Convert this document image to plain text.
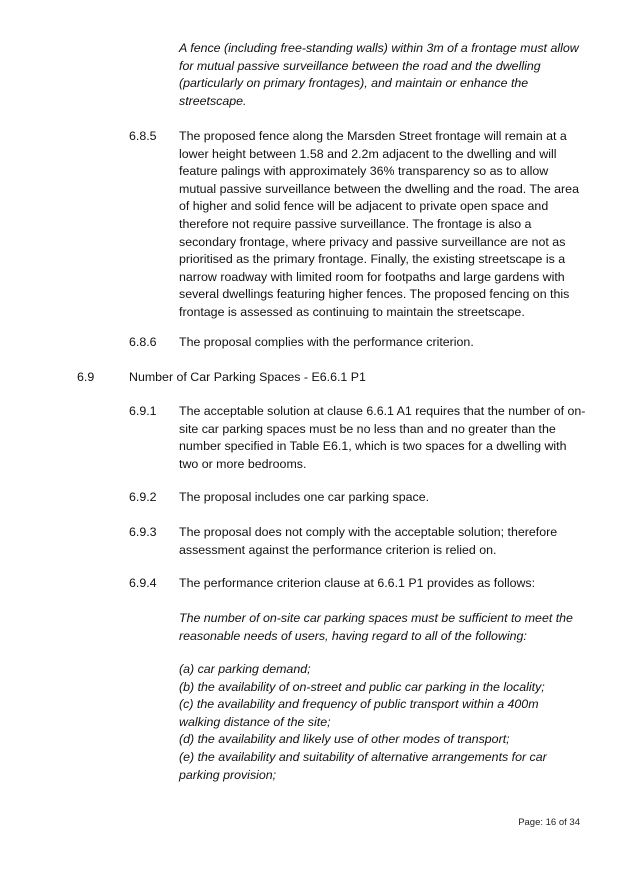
A fence (including free-standing walls) within 3m of a frontage must allow
for mutual passive surveillance between the road and the dwelling
(particularly on primary frontages), and maintain or enhance the
streetscape.
6.8.5 The proposed fence along the Marsden Street frontage will remain at a
lower height between 1.58 and 2.2m adjacent to the dwelling and will
feature palings with approximately 36% transparency so as to allow
mutual passive surveillance between the dwelling and the road. The area
of higher and solid fence will be adjacent to private open space and
therefore not require passive surveillance. The frontage is also a
secondary frontage, where privacy and passive surveillance are not as
prioritised as the primary frontage. Finally, the existing streetscape is a
narrow roadway with limited room for footpaths and large gardens with
several dwellings featuring higher fences. The proposed fencing on this
frontage is assessed as continuing to maintain the streetscape.
6.8.6 The proposal complies with the performance criterion.
6.9	Number of Car Parking Spaces - E6.6.1 P1
6.9.1 The acceptable solution at clause 6.6.1 A1 requires that the number of on-
site car parking spaces must be no less than and no greater than the
number specified in Table E6.1, which is two spaces for a dwelling with
two or more bedrooms.
6.9.2 The proposal includes one car parking space.
6.9.3 The proposal does not comply with the acceptable solution; therefore
assessment against the performance criterion is relied on.
6.9.4 The performance criterion clause at 6.6.1 P1 provides as follows:
The number of on-site car parking spaces must be sufficient to meet the
reasonable needs of users, having regard to all of the following:
(a) car parking demand;
(b) the availability of on-street and public car parking in the locality;
(c) the availability and frequency of public transport within a 400m
walking distance of the site;
(d) the availability and likely use of other modes of transport;
(e) the availability and suitability of alternative arrangements for car
parking provision;
Page: 16 of 34
